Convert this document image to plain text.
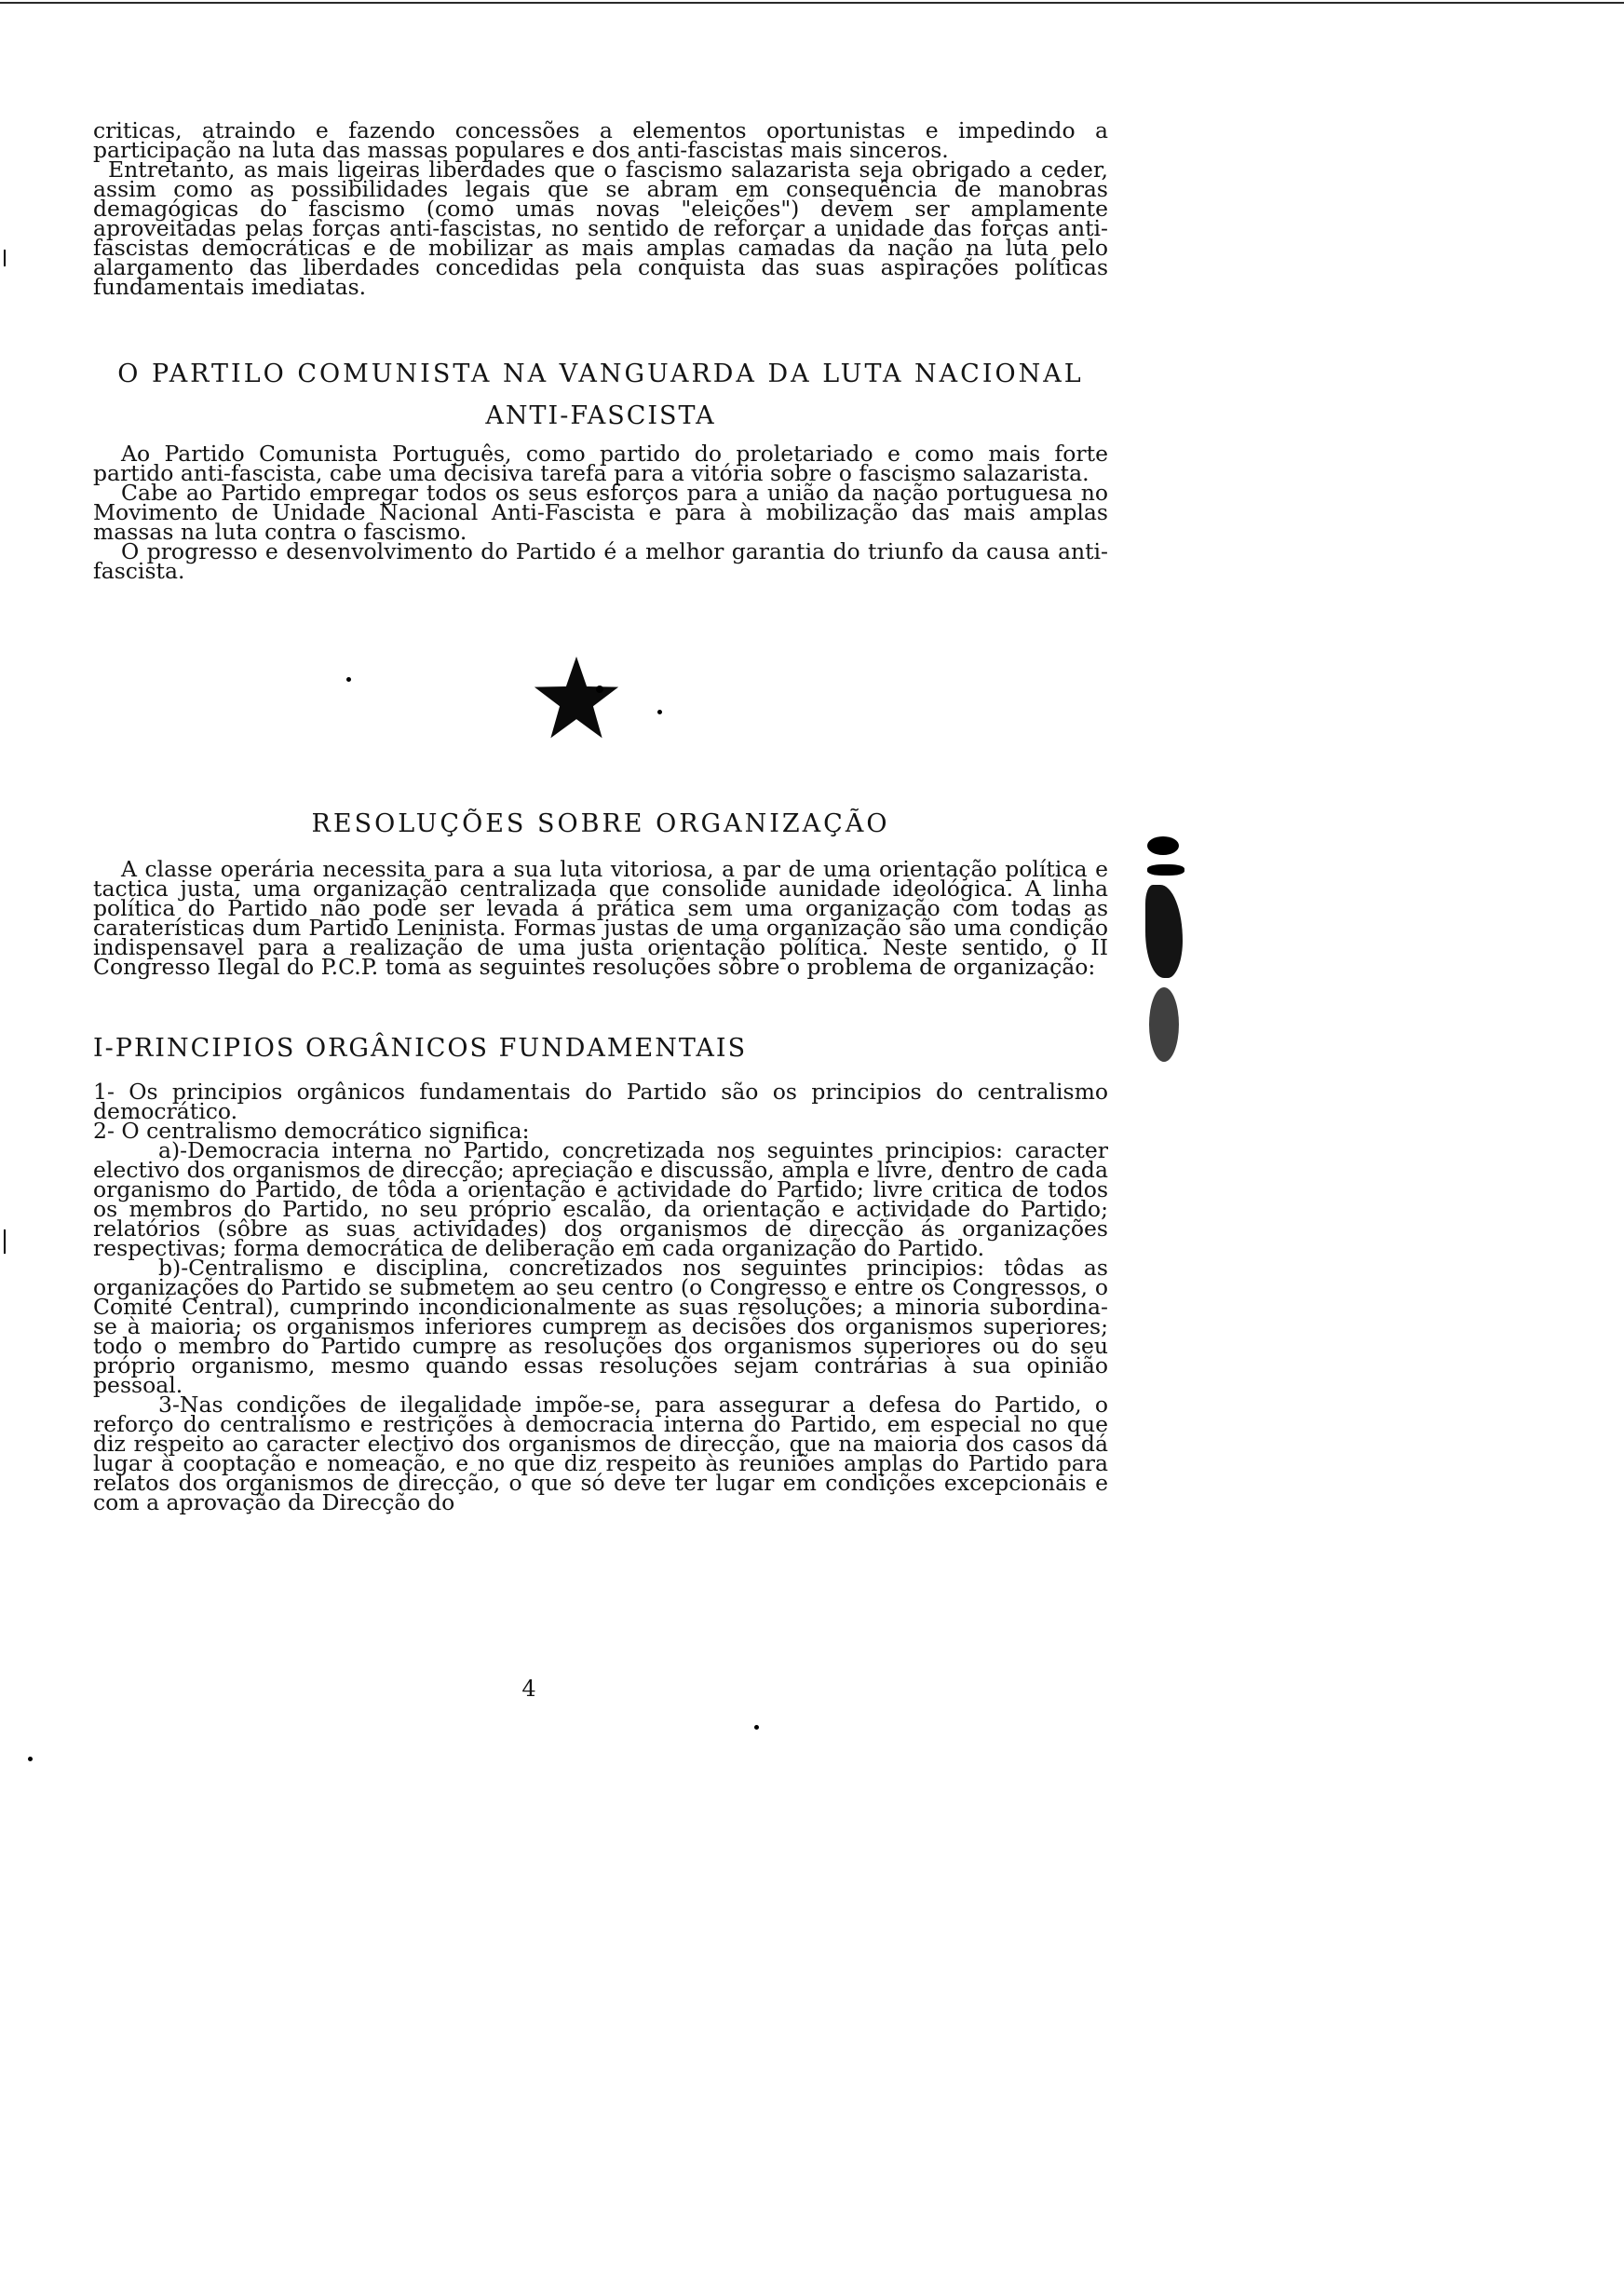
criticas, atraindo e fazendo concessões a elementos oportunistas e impedindo a participação na luta das massas populares e dos anti-fascistas mais sinceros.

Entretanto, as mais ligeiras liberdades que o fascismo salazarista seja obrigado a ceder, assim como as possibilidades legais que se abram em consequência de manobras demagógicas do fascismo (como umas novas "eleições") devem ser amplamente aproveitadas pelas forças anti-fascistas, no sentido de reforçar a unidade das forças anti-fascistas democráticas e de mobilizar as mais amplas camadas da nação na luta pelo alargamento das liberdades concedidas pela conquista das suas aspirações políticas fundamentais imediatas.

O PARTILO COMUNISTA NA VANGUARDA DA LUTA NACIONAL

ANTI-FASCISTA

Ao Partido Comunista Português, como partido do proletariado e como mais forte partido anti-fascista, cabe uma decisiva tarefa para a vitória sobre o fascismo salazarista.

Cabe ao Partido empregar todos os seus esforços para a união da nação portuguesa no Movimento de Unidade Nacional Anti-Fascista e para à mobilização das mais amplas massas na luta contra o fascismo.

O progresso e desenvolvimento do Partido é a melhor garantia do triunfo da causa anti-fascista.

RESOLUÇÕES SOBRE ORGANIZAÇÃO

A classe operária necessita para a sua luta vitoriosa, a par de uma orientação política e tactica justa, uma organização centralizada que consolide aunidade ideológica. A linha política do Partido não pode ser levada á prática sem uma organização com todas as caraterísticas dum Partido Leninista. Formas justas de uma organização são uma condição indispensavel para a realização de uma justa orientação política. Neste sentido, o II Congresso Ilegal do P.C.P. toma as seguintes resoluções sôbre o problema de organização:

I-PRINCIPIOS ORGÂNICOS FUNDAMENTAIS

1- Os principios orgânicos fundamentais do Partido são os principios do centralismo democrático.

2- O centralismo democrático significa:

a)-Democracia interna no Partido, concretizada nos seguintes principios: caracter electivo dos organismos de direcção; apreciação e discussão, ampla e livre, dentro de cada organismo do Partido, de tôda a orientação e actividade do Partido; livre critica de todos os membros do Partido, no seu próprio escalão, da orientação e actividade do Partido; relatórios (sôbre as suas actividades) dos organismos de direcção ás organizações respectivas; forma democrática de deliberação em cada organização do Partido.

b)-Centralismo e disciplina, concretizados nos seguintes principios: tôdas as organizações do Partido se submetem ao seu centro (o Congresso e entre os Congressos, o Comité Central), cumprindo incondicionalmente as suas resoluções; a minoria subordina-se à maioria; os organismos inferiores cumprem as decisões dos organismos superiores; todo o membro do Partido cumpre as resoluções dos organismos superiores ou do seu próprio organismo, mesmo quando essas resoluções sejam contrárias à sua opinião pessoal.

3-Nas condições de ilegalidade impõe-se, para assegurar a defesa do Partido, o reforço do centralismo e restrições à democracia interna do Partido, em especial no que diz respeito ao caracter electivo dos organismos de direcção, que na maioria dos casos dá lugar à cooptação e nomeação, e no que diz respeito às reuniões amplas do Partido para relatos dos organismos de direcção, o que só deve ter lugar em condições excepcionais e com a aprovação da Direcção do

4
